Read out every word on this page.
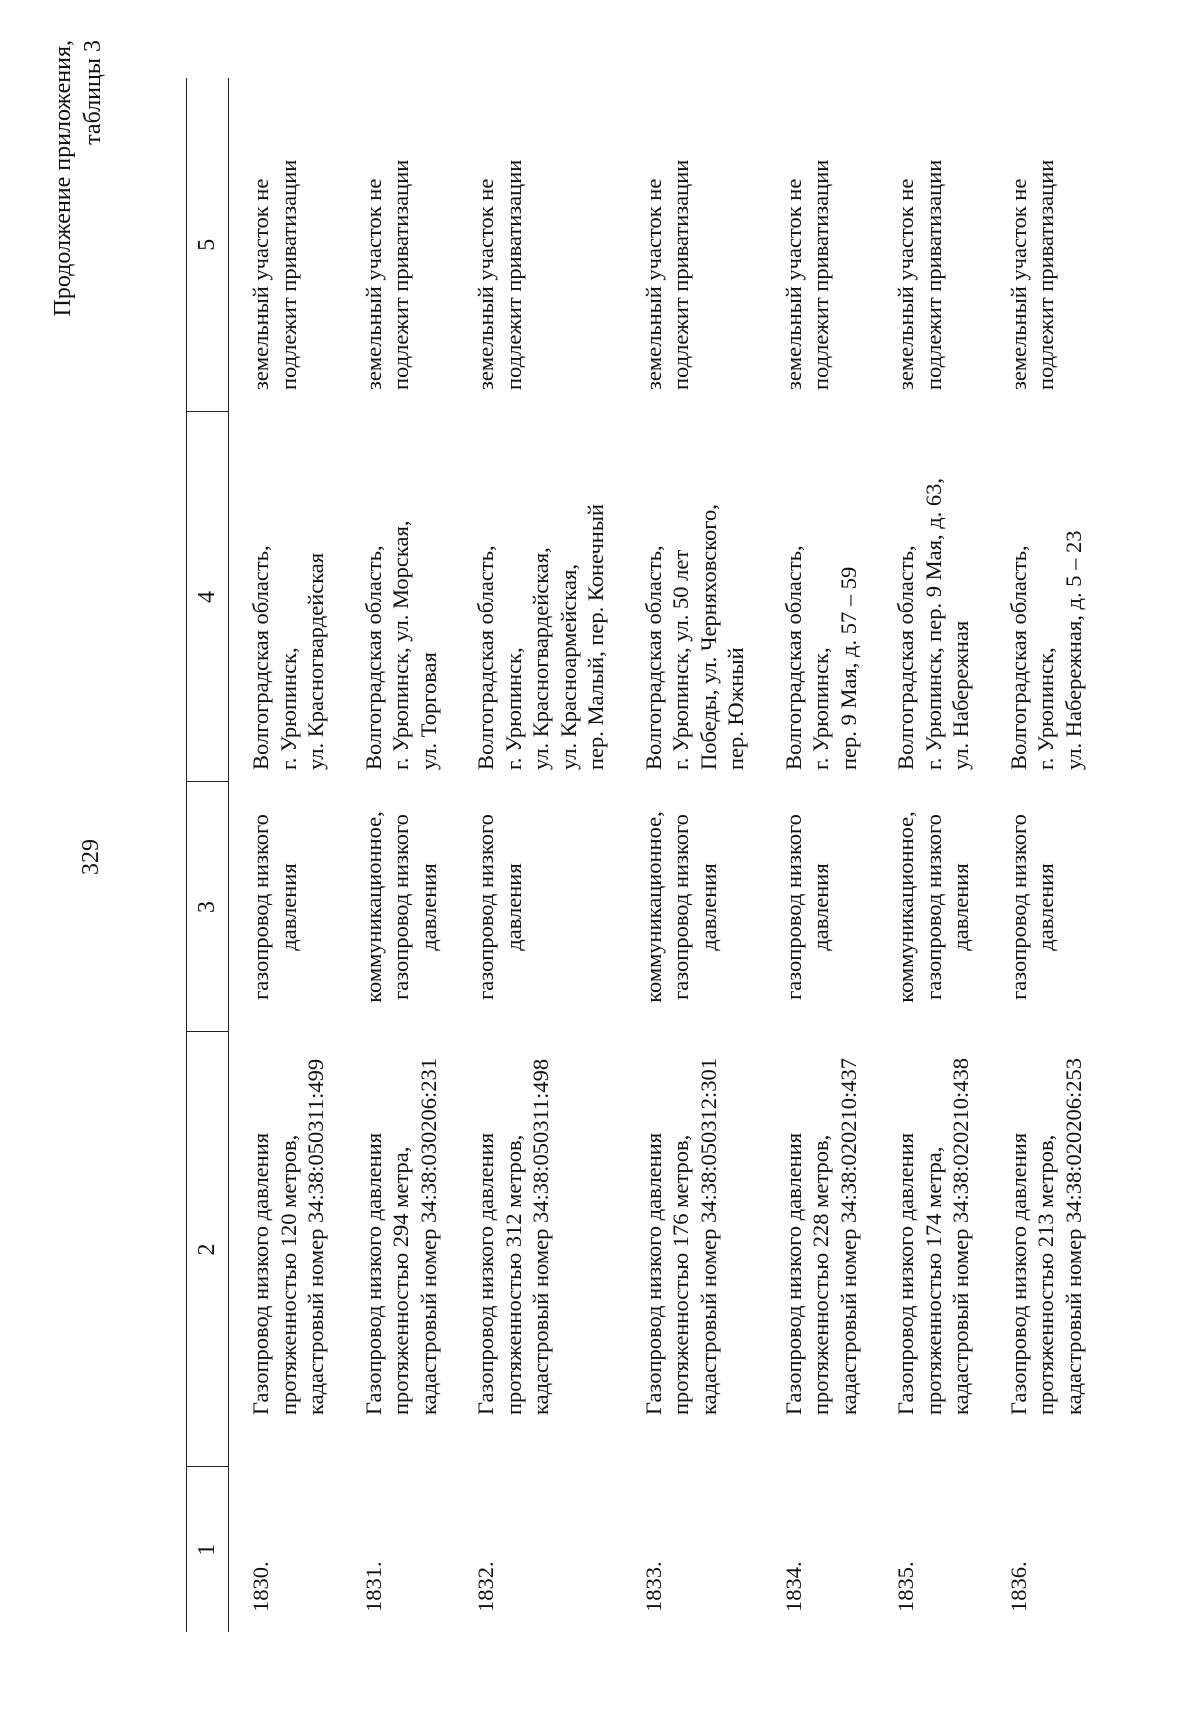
329
Продолжение приложения, таблицы 3
1	2	3	4	5
1830.	Газопровод низкого давления протяженностью 120 метров, кадастровый номер 34:38:050311:499	газопровод низкого давления	Волгоградская область, г. Урюпинск, ул. Красногвардейская	земельный участок не подлежит приватизации
1831.	Газопровод низкого давления протяженностью 294 метра, кадастровый номер 34:38:030206:231	коммуникационное, газопровод низкого давления	Волгоградская область, г. Урюпинск, ул. Морская, ул. Торговая	земельный участок не подлежит приватизации
1832.	Газопровод низкого давления протяженностью 312 метров, кадастровый номер 34:38:050311:498	газопровод низкого давления	Волгоградская область, г. Урюпинск, ул. Красногвардейская, ул. Красноармейская, пер. Малый, пер. Конечный	земельный участок не подлежит приватизации
1833.	Газопровод низкого давления протяженностью 176 метров, кадастровый номер 34:38:050312:301	коммуникационное, газопровод низкого давления	Волгоградская область, г. Урюпинск, ул. 50 лет Победы, ул. Черняховского, пер. Южный	земельный участок не подлежит приватизации
1834.	Газопровод низкого давления протяженностью 228 метров, кадастровый номер 34:38:020210:437	газопровод низкого давления	Волгоградская область, г. Урюпинск, пер. 9 Мая, д. 57 – 59	земельный участок не подлежит приватизации
1835.	Газопровод низкого давления протяженностью 174 метра, кадастровый номер 34:38:020210:438	коммуникационное, газопровод низкого давления	Волгоградская область, г. Урюпинск, пер. 9 Мая, д. 63, ул. Набережная	земельный участок не подлежит приватизации
1836.	Газопровод низкого давления протяженностью 213 метров, кадастровый номер 34:38:020206:253	газопровод низкого давления	Волгоградская область, г. Урюпинск, ул. Набережная, д. 5 – 23	земельный участок не подлежит приватизации
